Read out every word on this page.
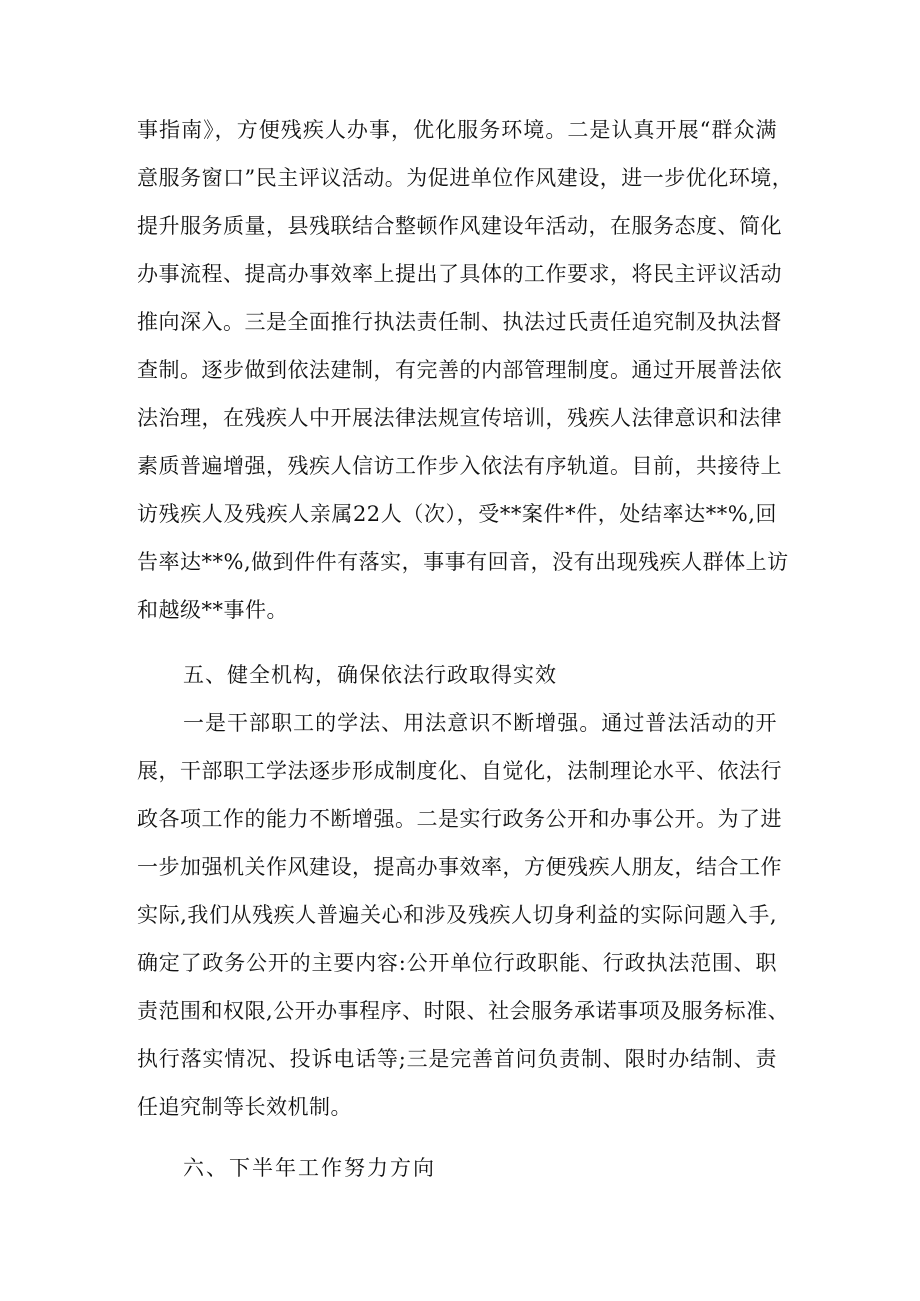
事指南》，方便残疾人办事，优化服务环境。二是认真开展“群众满
意服务窗口”民主评议活动。为促进单位作风建设，进一步优化环境，
提升服务质量，县残联结合整顿作风建设年活动，在服务态度、简化
办事流程、提高办事效率上提出了具体的工作要求，将民主评议活动
推向深入。三是全面推行执法责任制、执法过氏责任追究制及执法督
查制。逐步做到依法建制，有完善的内部管理制度。通过开展普法依
法治理，在残疾人中开展法律法规宣传培训，残疾人法律意识和法律
素质普遍增强，残疾人信访工作步入依法有序轨道。目前，共接待上
访残疾人及残疾人亲属22人（次），受**案件*件，处结率达**%,回
告率达**%,做到件件有落实，事事有回音，没有出现残疾人群体上访
和越级**事件。
五、健全机构，确保依法行政取得实效
一是干部职工的学法、用法意识不断增强。通过普法活动的开
展，干部职工学法逐步形成制度化、自觉化，法制理论水平、依法行
政各项工作的能力不断增强。二是实行政务公开和办事公开。为了进
一步加强机关作风建设，提高办事效率，方便残疾人朋友，结合工作
实际,我们从残疾人普遍关心和涉及残疾人切身利益的实际问题入手,
确定了政务公开的主要内容:公开单位行政职能、行政执法范围、职
责范围和权限,公开办事程序、时限、社会服务承诺事项及服务标准、
执行落实情况、投诉电话等;三是完善首问负责制、限时办结制、责
任追究制等长效机制。
六、下半年工作努力方向
